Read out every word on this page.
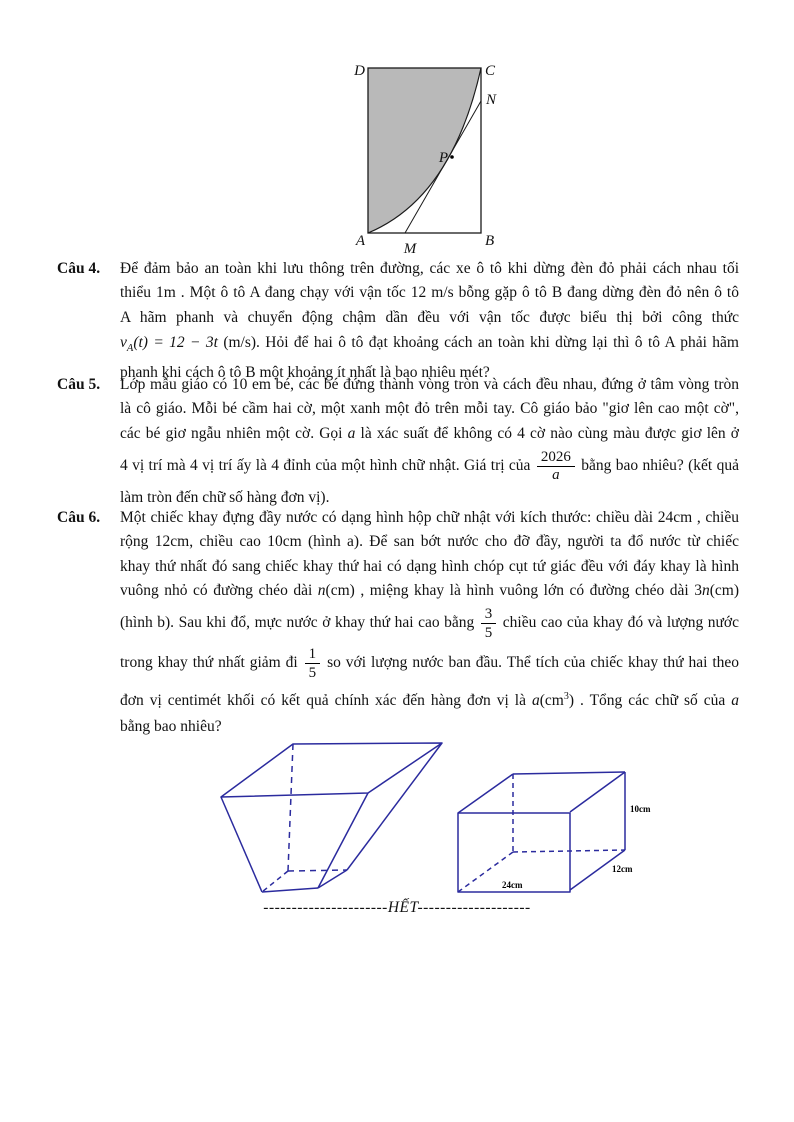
D	C
N
P
A	M	B
Câu 4.	Để đảm bảo an toàn khi lưu thông trên đường, các xe ô tô khi dừng đèn đỏ phải cách nhau tối
thiểu 1m . Một ô tô A đang chạy với vận tốc 12 m/s bỗng gặp ô tô B đang dừng đèn đỏ nên ô tô
A hãm phanh và chuyển động chậm dần đều với vận tốc được biểu thị bởi công thức
$v_A(t) = 12 - 3t$ (m/s). Hỏi để hai ô tô đạt khoảng cách an toàn khi dừng lại thì ô tô A phải hãm
phanh khi cách ô tô B một khoảng ít nhất là bao nhiêu mét?
Câu 5.	Lớp mẫu giáo có 10 em bé, các bé đứng thành vòng tròn và cách đều nhau, đứng ở tâm vòng tròn
là cô giáo. Mỗi bé cầm hai cờ, một xanh một đỏ trên mỗi tay. Cô giáo bảo "giơ lên cao một cờ",
các bé giơ ngẫu nhiên một cờ. Gọi a là xác suất để không có 4 cờ nào cùng màu được giơ lên ở
4 vị trí mà 4 vị trí ấy là 4 đỉnh của một hình chữ nhật. Giá trị của $\frac{2026}{a}$ bằng bao nhiêu? (kết quả
làm tròn đến chữ số hàng đơn vị).
Câu 6.	Một chiếc khay đựng đầy nước có dạng hình hộp chữ nhật với kích thước: chiều dài 24cm , chiều
rộng 12cm, chiều cao 10cm (hình a). Để san bớt nước cho đỡ đầy, người ta đổ nước từ chiếc
khay thứ nhất đó sang chiếc khay thứ hai có dạng hình chóp cụt tứ giác đều với đáy khay là hình
vuông nhỏ có đường chéo dài n(cm) , miệng khay là hình vuông lớn có đường chéo dài 3n(cm)
(hình b). Sau khi đổ, mực nước ở khay thứ hai cao bằng $\frac{3}{5}$ chiều cao của khay đó và lượng nước
trong khay thứ nhất giảm đi $\frac{1}{5}$ so với lượng nước ban đầu. Thể tích của chiếc khay thứ hai theo
đơn vị centimét khối có kết quả chính xác đến hàng đơn vị là $a(cm^3)$ . Tổng các chữ số của a
bằng bao nhiêu?
10cm
12cm
24cm
----------------------HẾT--------------------
